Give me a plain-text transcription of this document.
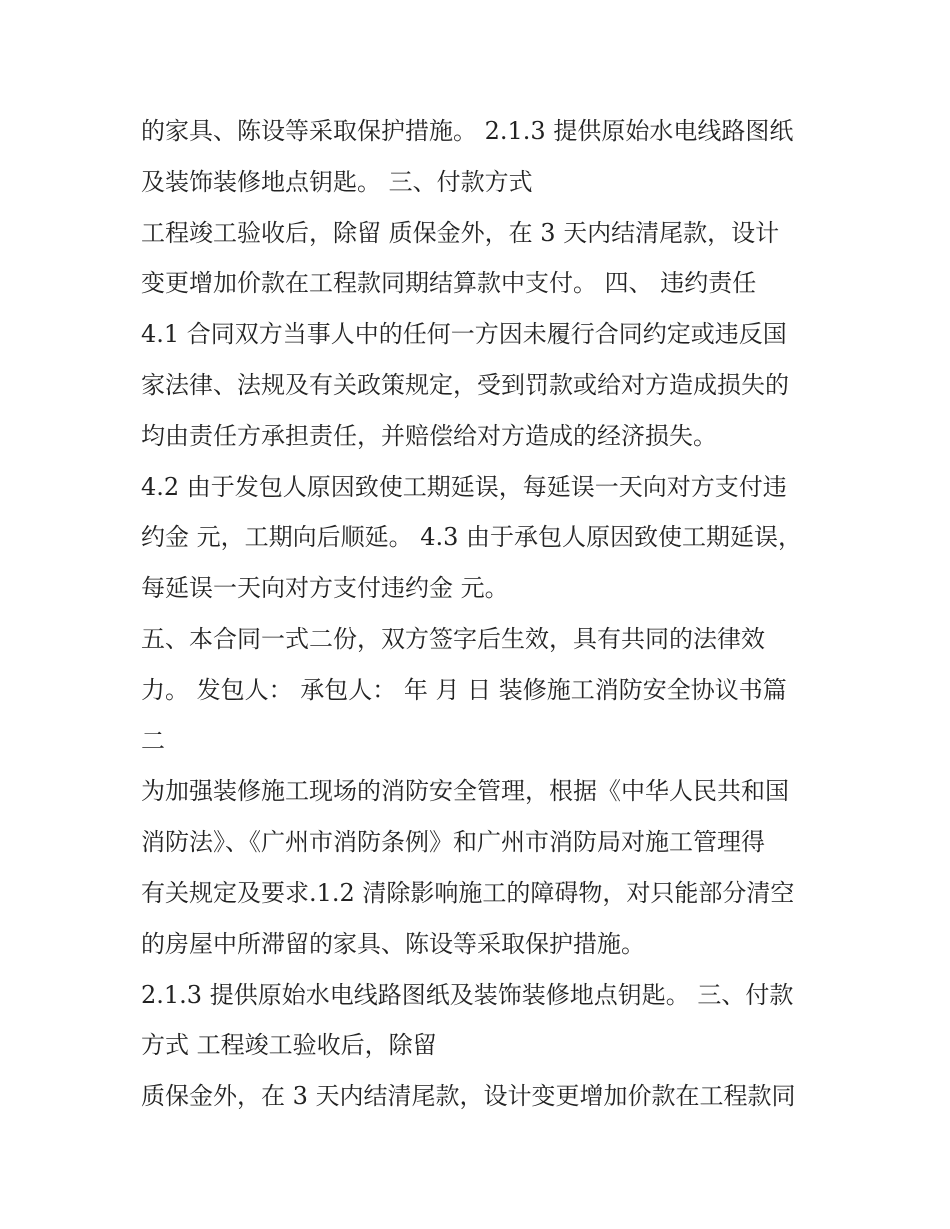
的家具、陈设等采取保护措施。 2.1.3 提供原始水电线路图纸
及装饰装修地点钥匙。 三、付款方式
工程竣工验收后，除留 质保金外，在 3 天内结清尾款，设计
变更增加价款在工程款同期结算款中支付。 四、 违约责任
4.1 合同双方当事人中的任何一方因未履行合同约定或违反国
家法律、法规及有关政策规定，受到罚款或给对方造成损失的
均由责任方承担责任，并赔偿给对方造成的经济损失。
4.2 由于发包人原因致使工期延误，每延误一天向对方支付违
约金 元，工期向后顺延。 4.3 由于承包人原因致使工期延误，
每延误一天向对方支付违约金 元。
五、本合同一式二份，双方签字后生效，具有共同的法律效
力。 发包人： 承包人： 年 月 日 装修施工消防安全协议书篇
二
为加强装修施工现场的消防安全管理，根据《中华人民共和国
消防法》、《广州市消防条例》和广州市消防局对施工管理得
有关规定及要求.1.2 清除影响施工的障碍物，对只能部分清空
的房屋中所滞留的家具、陈设等采取保护措施。
2.1.3 提供原始水电线路图纸及装饰装修地点钥匙。 三、付款
方式 工程竣工验收后，除留
质保金外，在 3 天内结清尾款，设计变更增加价款在工程款同
